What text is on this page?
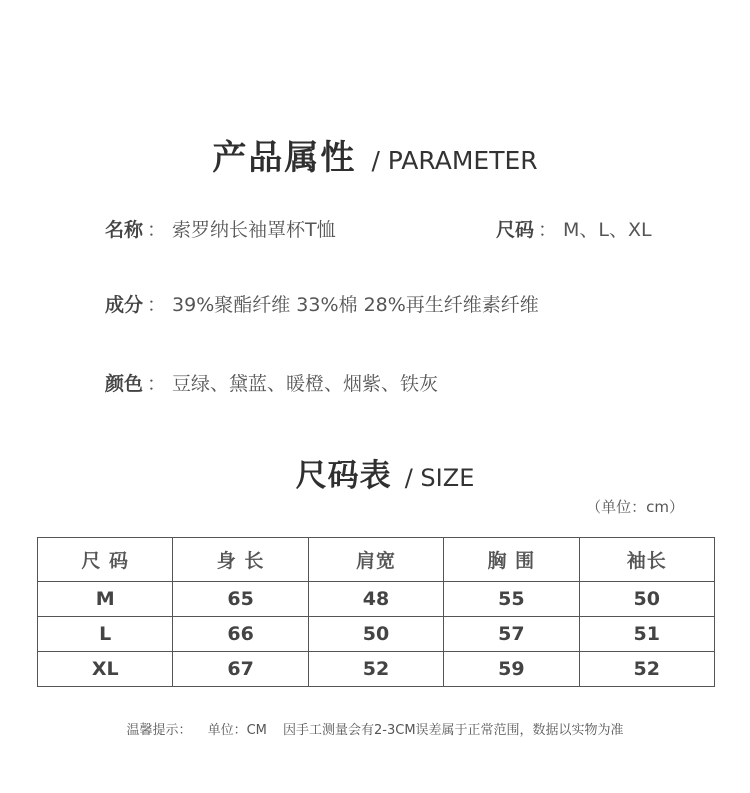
产品属性 / PARAMETER
名称 ： 索罗纳长袖罩杯T恤	尺码 ： M、L、XL
成分 ： 39%聚酯纤维 33%棉 28%再生纤维素纤维
颜色 ： 豆绿、黛蓝、暖橙、烟紫、铁灰
尺码表 / SIZE
（单位：cm）
尺 码	身 长	肩宽	胸 围	袖长
M	65	48	55	50
L	66	50	57	51
XL	67	52	59	52
温馨提示： 单位：CM 因手工测量会有2-3CM误差属于正常范围，数据以实物为准
